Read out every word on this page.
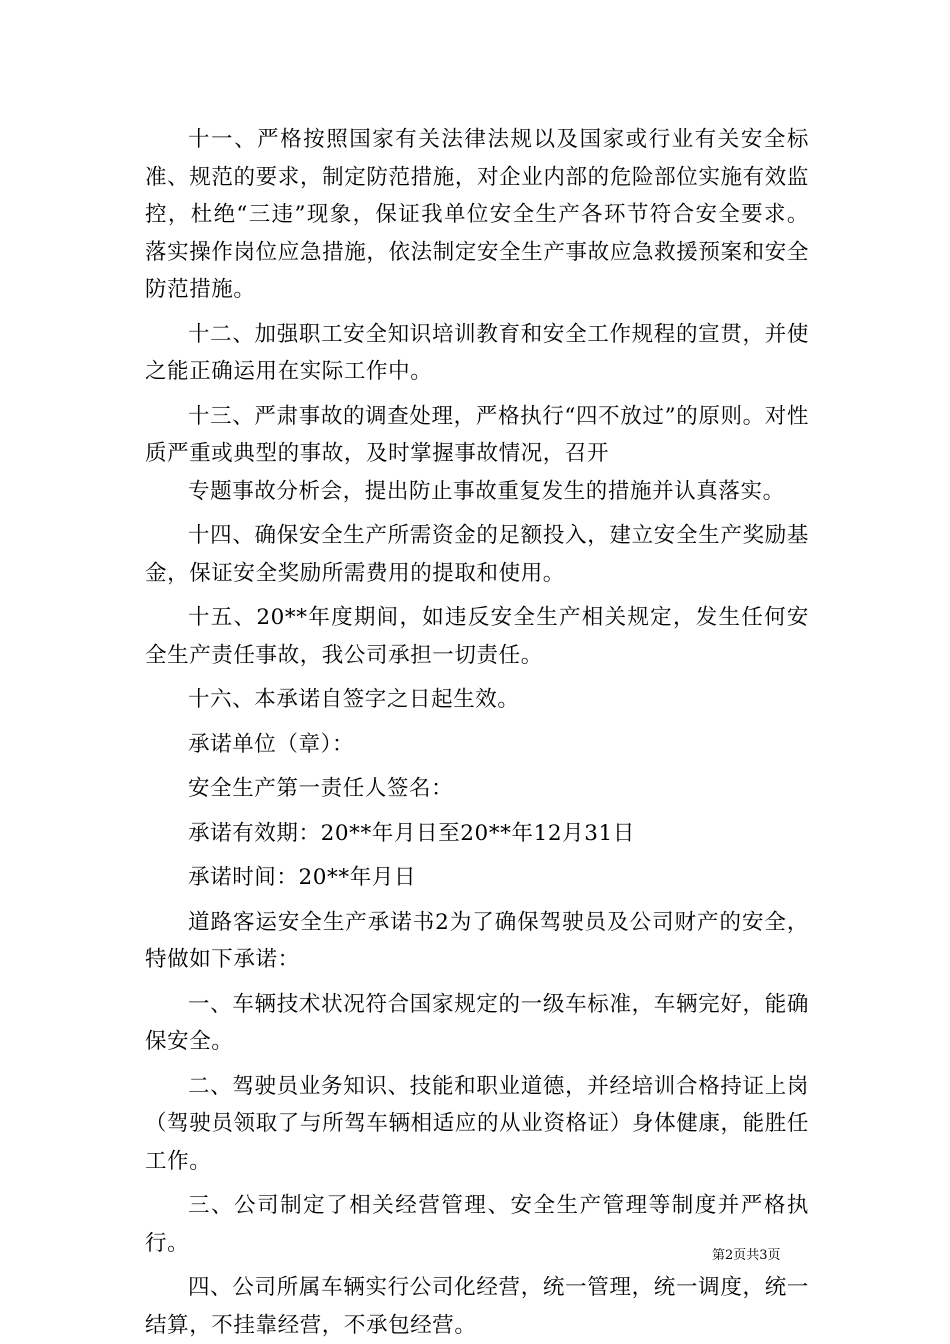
十一、严格按照国家有关法律法规以及国家或行业有关安全标准、规范的要求，制定防范措施，对企业内部的危险部位实施有效监控，杜绝“三违”现象，保证我单位安全生产各环节符合安全要求。落实操作岗位应急措施，依法制定安全生产事故应急救援预案和安全防范措施。

十二、加强职工安全知识培训教育和安全工作规程的宣贯，并使之能正确运用在实际工作中。

十三、严肃事故的调查处理，严格执行“四不放过”的原则。对性质严重或典型的事故，及时掌握事故情况，召开

专题事故分析会，提出防止事故重复发生的措施并认真落实。

十四、确保安全生产所需资金的足额投入，建立安全生产奖励基金，保证安全奖励所需费用的提取和使用。

十五、20**年度期间，如违反安全生产相关规定，发生任何安全生产责任事故，我公司承担一切责任。

十六、本承诺自签字之日起生效。

承诺单位（章）：

安全生产第一责任人签名：

承诺有效期：20**年月日至20**年12月31日

承诺时间：20**年月日

道路客运安全生产承诺书2为了确保驾驶员及公司财产的安全，特做如下承诺：

一、车辆技术状况符合国家规定的一级车标准，车辆完好，能确保安全。

二、驾驶员业务知识、技能和职业道德，并经培训合格持证上岗（驾驶员领取了与所驾车辆相适应的从业资格证）身体健康，能胜任工作。

三、公司制定了相关经营管理、安全生产管理等制度并严格执行。

四、公司所属车辆实行公司化经营，统一管理，统一调度，统一结算，不挂靠经营，不承包经营。

第2页共3页
